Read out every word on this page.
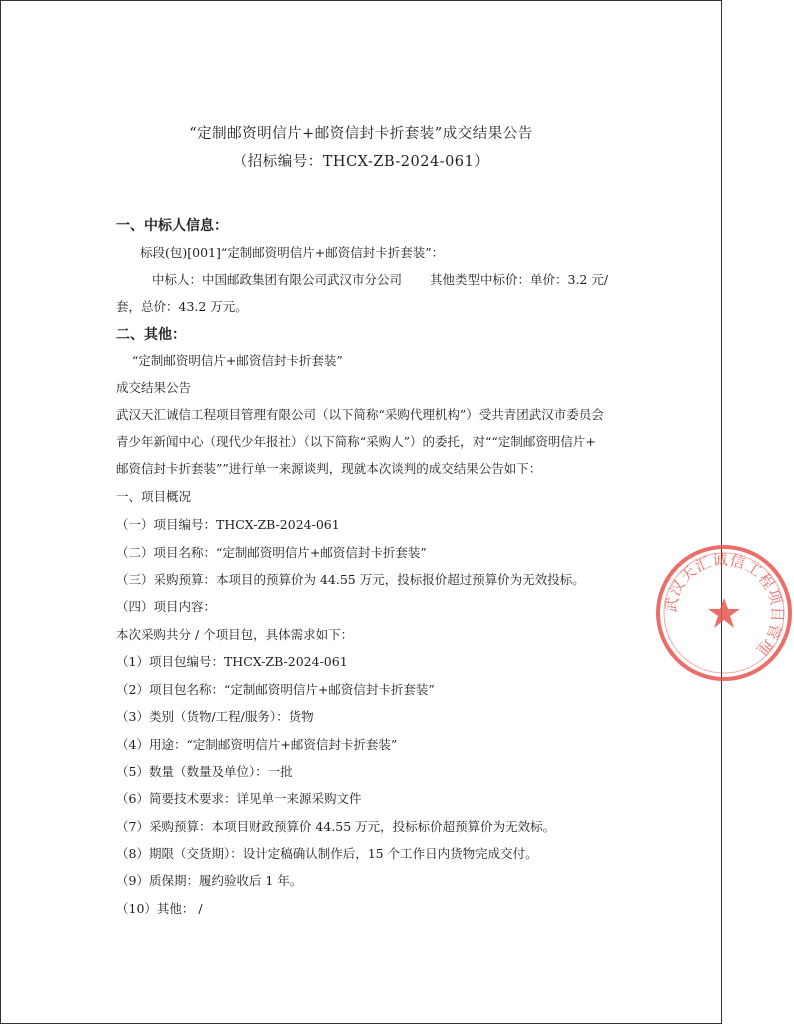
“定制邮资明信片+邮资信封卡折套装”成交结果公告
（招标编号：THCX-ZB-2024-061）
一、中标人信息：
标段(包)[001]“定制邮资明信片+邮资信封卡折套装”：
中标人：中国邮政集团有限公司武汉市分公司 其他类型中标价：单价：3.2 元/
套，总价：43.2 万元。
二、其他：
“定制邮资明信片+邮资信封卡折套装”
成交结果公告
武汉天汇诚信工程项目管理有限公司（以下简称“采购代理机构”）受共青团武汉市委员会
青少年新闻中心（现代少年报社）（以下简称“采购人”）的委托，对““定制邮资明信片+
邮资信封卡折套装””进行单一来源谈判，现就本次谈判的成交结果公告如下：
一、项目概况
（一）项目编号：THCX-ZB-2024-061
（二）项目名称：“定制邮资明信片+邮资信封卡折套装”
（三）采购预算：本项目的预算价为 44.55 万元，投标报价超过预算价为无效投标。
（四）项目内容：
本次采购共分 / 个项目包，具体需求如下：
（1）项目包编号：THCX-ZB-2024-061
（2）项目包名称：“定制邮资明信片+邮资信封卡折套装”
（3）类别（货物/工程/服务）：货物
（4）用途：“定制邮资明信片+邮资信封卡折套装”
（5）数量（数量及单位）：一批
（6）简要技术要求：详见单一来源采购文件
（7）采购预算：本项目财政预算价 44.55 万元，投标标价超预算价为无效标。
（8）期限（交货期）：设计定稿确认制作后，15 个工作日内货物完成交付。
（9）质保期：履约验收后 1 年。
（10）其他： /
武汉天汇诚信工程项目管理
